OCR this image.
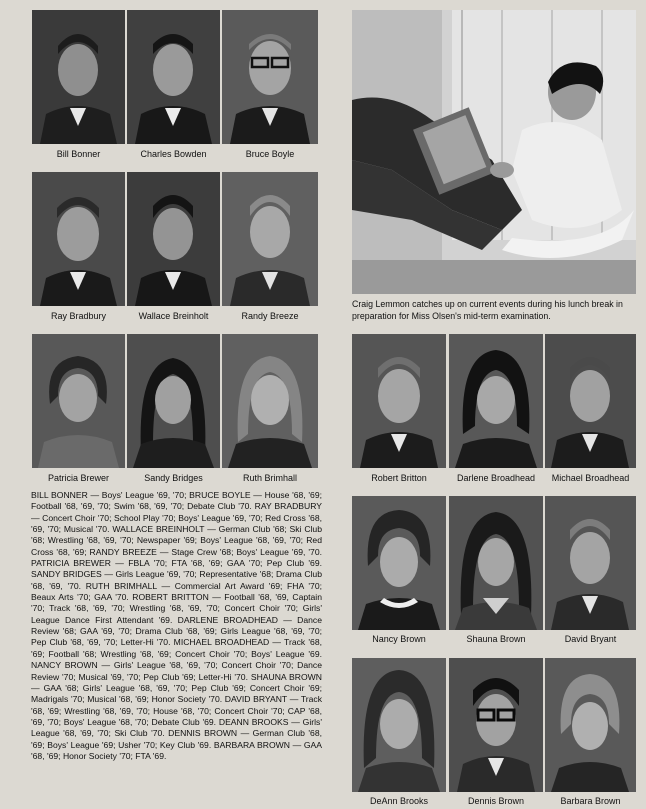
Bill Bonner	Charles Bowden	Bruce Boyle
Ray Bradbury	Wallace Breinholt	Randy Breeze
Patricia Brewer	Sandy Bridges	Ruth Brimhall

BILL BONNER — Boys' League '69, '70; BRUCE BOYLE — House '68, '69; Football '68, '69, '70; Swim '68, '69, '70; Debate Club '70. RAY BRADBURY — Concert Choir '70; School Play '70; Boys' League '69, '70; Red Cross '68, '69, '70; Musical '70. WALLACE BREINHOLT — German Club '68; Ski Club '68; Wrestling '68, '69, '70; Newspaper '69; Boys' League '68, '69, '70; Red Cross '68, '69; RANDY BREEZE — Stage Crew '68; Boys' League '69, '70. PATRICIA BREWER — FBLA '70; FTA '68, '69; GAA '70; Pep Club '69. SANDY BRIDGES — Girls League '69, '70; Representative '68; Drama Club '68, '69, '70. RUTH BRIMHALL — Commercial Art Award '69; FHA '70; Beaux Arts '70; GAA '70. ROBERT BRITTON — Football '68, '69, Captain '70; Track '68, '69, '70; Wrestling '68, '69, '70; Concert Choir '70; Girls' League Dance First Attendant '69. DARLENE BROADHEAD — Dance Review '68; GAA '69, '70; Drama Club '68, '69; Girls League '68, '69, '70; Pep Club '68, '69, '70; Letter-Hi '70. MICHAEL BROADHEAD — Track '68, '69; Football '68; Wrestling '68, '69; Concert Choir '70; Boys' League '69. NANCY BROWN — Girls' League '68, '69, '70; Concert Choir '70; Dance Review '70; Musical '69, '70; Pep Club '69; Letter-Hi '70. SHAUNA BROWN — GAA '68; Girls' League '68, '69, '70; Pep Club '69; Concert Choir '69; Madrigals '70; Musical '68, '69; Honor Society '70. DAVID BRYANT — Track '68, '69; Wrestling '68, '69, '70; House '68, '70; Concert Choir '70; CAP '68, '69, '70; Boys' League '68, '70; Debate Club '69. DEANN BROOKS — Girls' League '68, '69, '70; Ski Club '70. DENNIS BROWN — German Club '68, '69; Boys' League '69; Usher '70; Key Club '69. BARBARA BROWN — GAA '68, '69; Honor Society '70; FTA '69.

Craig Lemmon catches up on current events during his lunch break in preparation for Miss Olsen's mid-term examination.
Robert Britton	Darlene Broadhead	Michael Broadhead
Nancy Brown	Shauna Brown	David Bryant
DeAnn Brooks	Dennis Brown	Barbara Brown
